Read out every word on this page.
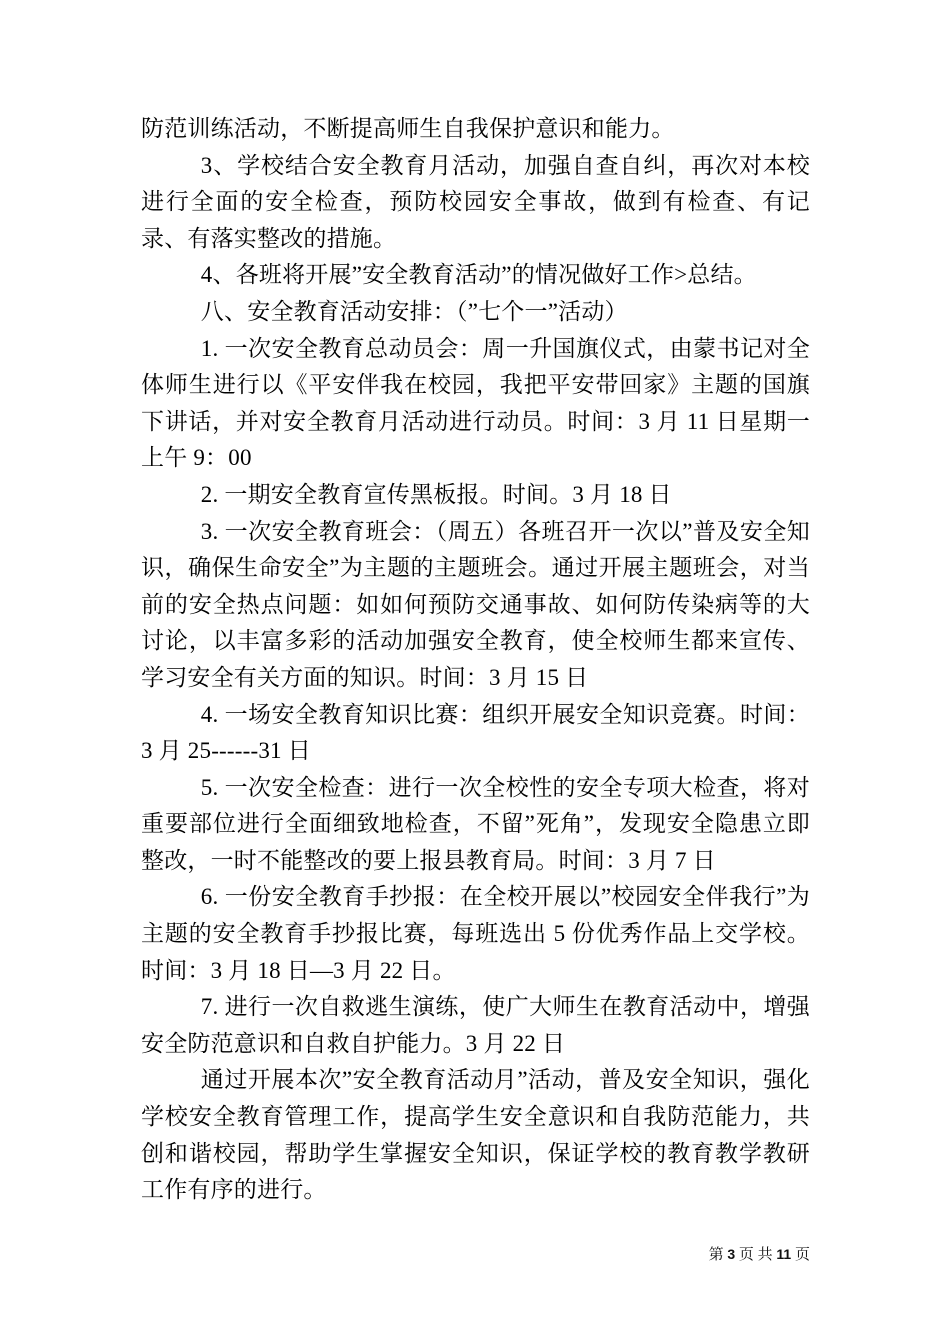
防范训练活动，不断提高师生自我保护意识和能力。

3、学校结合安全教育月活动，加强自查自纠，再次对本校进行全面的安全检查，预防校园安全事故，做到有检查、有记录、有落实整改的措施。

4、各班将开展”安全教育活动”的情况做好工作>总结。

八、安全教育活动安排：（”七个一”活动）

1. 一次安全教育总动员会：周一升国旗仪式，由蒙书记对全体师生进行以《平安伴我在校园，我把平安带回家》主题的国旗下讲话，并对安全教育月活动进行动员。时间：3 月 11 日星期一上午 9：00

2. 一期安全教育宣传黑板报。时间。3 月 18 日

3. 一次安全教育班会：（周五）各班召开一次以”普及安全知识，确保生命安全”为主题的主题班会。通过开展主题班会，对当前的安全热点问题：如如何预防交通事故、如何防传染病等的大讨论，以丰富多彩的活动加强安全教育，使全校师生都来宣传、学习安全有关方面的知识。时间：3 月 15 日

4. 一场安全教育知识比赛：组织开展安全知识竞赛。时间：3 月 25------31 日

5. 一次安全检查：进行一次全校性的安全专项大检查，将对重要部位进行全面细致地检查，不留”死角”，发现安全隐患立即整改，一时不能整改的要上报县教育局。时间：3 月 7 日

6. 一份安全教育手抄报：在全校开展以”校园安全伴我行”为主题的安全教育手抄报比赛，每班选出 5 份优秀作品上交学校。时间：3 月 18 日—3 月 22 日。

7. 进行一次自救逃生演练，使广大师生在教育活动中，增强安全防范意识和自救自护能力。3 月 22 日

通过开展本次”安全教育活动月”活动，普及安全知识，强化学校安全教育管理工作，提高学生安全意识和自我防范能力，共创和谐校园，帮助学生掌握安全知识，保证学校的教育教学教研工作有序的进行。

第 3 页 共 11 页
